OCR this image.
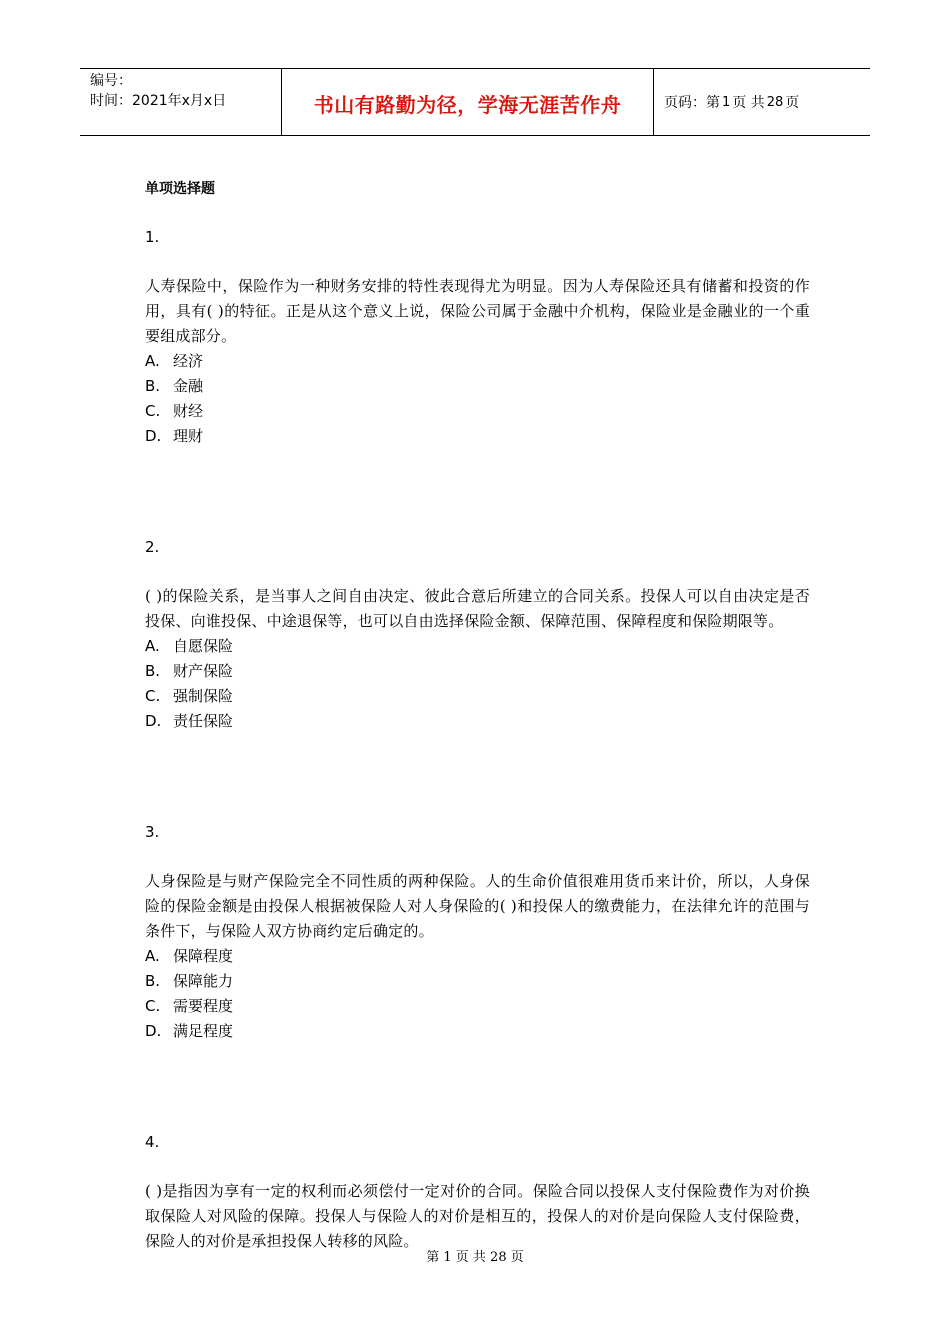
编号：
时间：2021年x月x日	书山有路勤为径，学海无涯苦作舟	页码：第 1 页 共 28 页
单项选择题
1.
人寿保险中，保险作为一种财务安排的特性表现得尤为明显。因为人寿保险还具有储蓄和投资的作用，具有( )的特征。正是从这个意义上说，保险公司属于金融中介机构，保险业是金融业的一个重要组成部分。
A. 经济
B. 金融
C. 财经
D. 理财
2.
( )的保险关系，是当事人之间自由决定、彼此合意后所建立的合同关系。投保人可以自由决定是否投保、向谁投保、中途退保等，也可以自由选择保险金额、保障范围、保障程度和保险期限等。
A. 自愿保险
B. 财产保险
C. 强制保险
D. 责任保险
3.
人身保险是与财产保险完全不同性质的两种保险。人的生命价值很难用货币来计价，所以，人身保险的保险金额是由投保人根据被保险人对人身保险的( )和投保人的缴费能力，在法律允许的范围与条件下，与保险人双方协商约定后确定的。
A. 保障程度
B. 保障能力
C. 需要程度
D. 满足程度
4.
( )是指因为享有一定的权利而必须偿付一定对价的合同。保险合同以投保人支付保险费作为对价换取保险人对风险的保障。投保人与保险人的对价是相互的，投保人的对价是向保险人支付保险费，保险人的对价是承担投保人转移的风险。
第 1 页 共 28 页
